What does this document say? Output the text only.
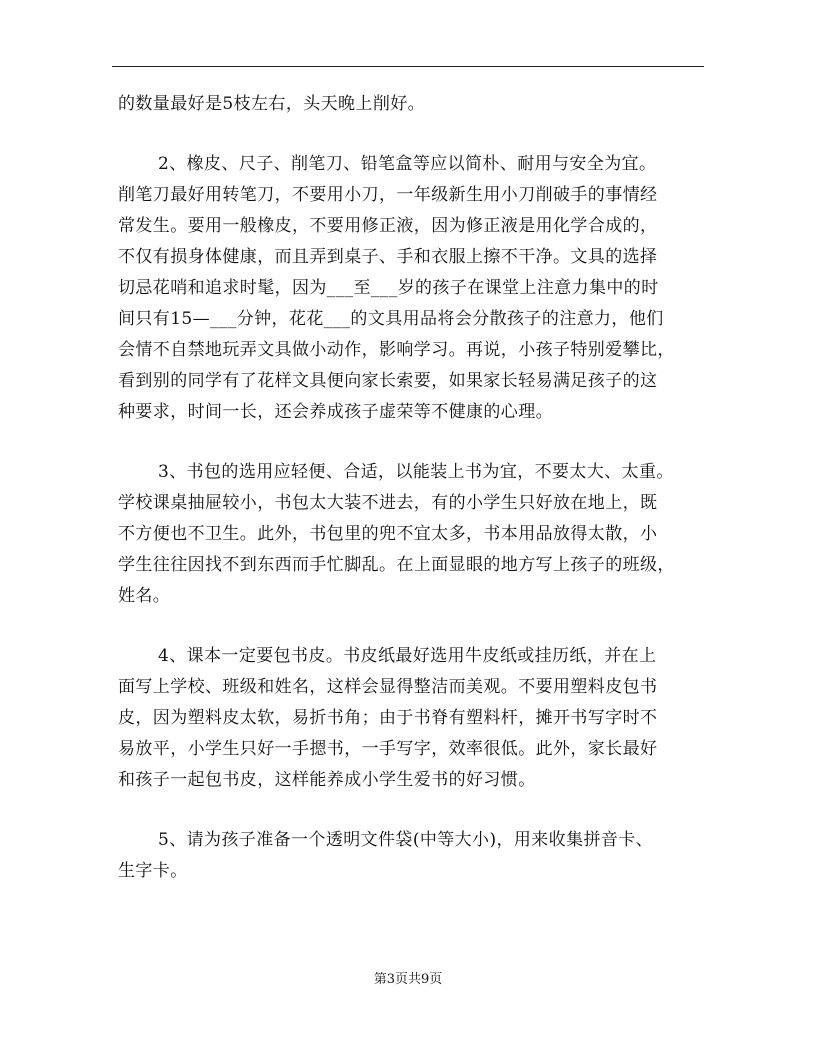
的数量最好是5枝左右，头天晚上削好。
2、橡皮、尺子、削笔刀、铅笔盒等应以简朴、耐用与安全为宜。
削笔刀最好用转笔刀，不要用小刀，一年级新生用小刀削破手的事情经
常发生。要用一般橡皮，不要用修正液，因为修正液是用化学合成的，
不仅有损身体健康，而且弄到桌子、手和衣服上擦不干净。文具的选择
切忌花哨和追求时髦，因为___至___岁的孩子在课堂上注意力集中的时
间只有15—___分钟，花花___的文具用品将会分散孩子的注意力，他们
会情不自禁地玩弄文具做小动作，影响学习。再说，小孩子特别爱攀比，
看到别的同学有了花样文具便向家长索要，如果家长轻易满足孩子的这
种要求，时间一长，还会养成孩子虚荣等不健康的心理。
3、书包的选用应轻便、合适，以能装上书为宜，不要太大、太重。
学校课桌抽屉较小，书包太大装不进去，有的小学生只好放在地上，既
不方便也不卫生。此外，书包里的兜不宜太多，书本用品放得太散，小
学生往往因找不到东西而手忙脚乱。在上面显眼的地方写上孩子的班级，
姓名。
4、课本一定要包书皮。书皮纸最好选用牛皮纸或挂历纸，并在上
面写上学校、班级和姓名，这样会显得整洁而美观。不要用塑料皮包书
皮，因为塑料皮太软，易折书角；由于书脊有塑料杆，摊开书写字时不
易放平，小学生只好一手摁书，一手写字，效率很低。此外，家长最好
和孩子一起包书皮，这样能养成小学生爱书的好习惯。
5、请为孩子准备一个透明文件袋(中等大小)，用来收集拼音卡、
生字卡。
第3页共9页
